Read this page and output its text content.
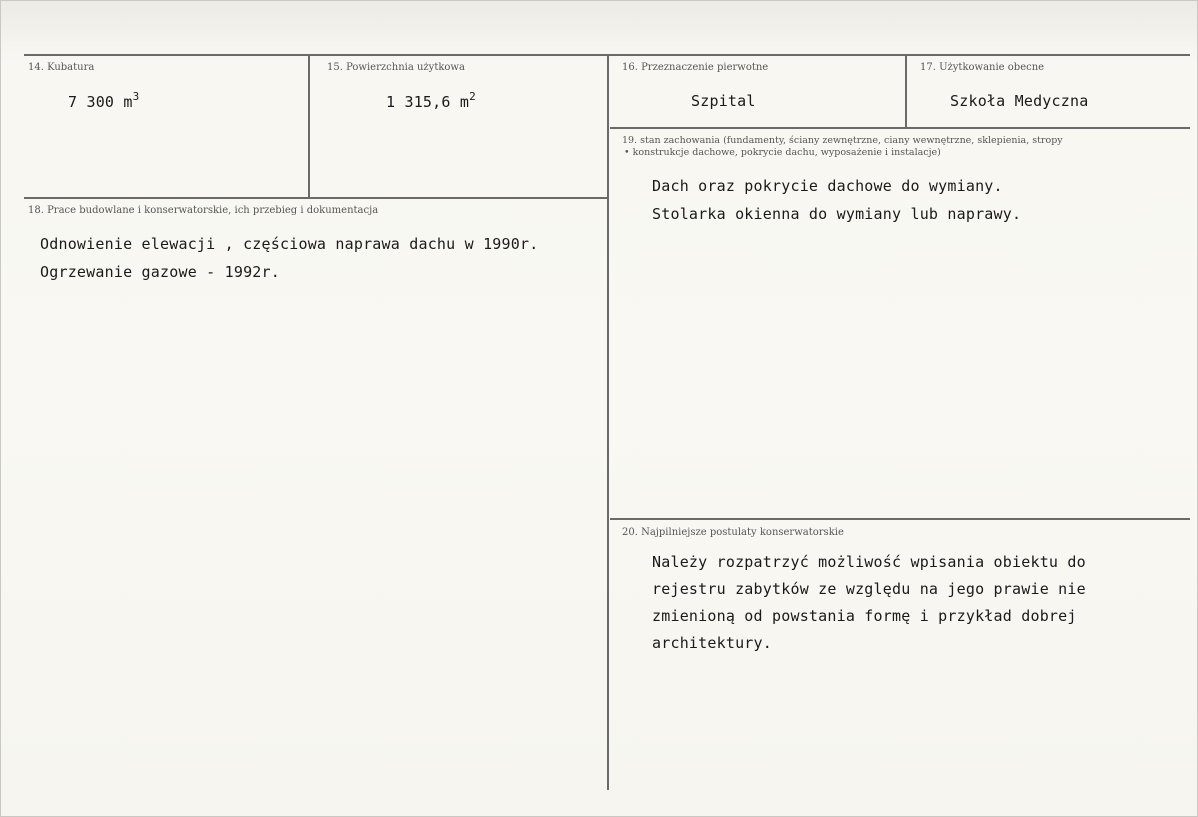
14. Kubatura
7 300 $m^3$
15. Powierzchnia użytkowa
1 315,6 $m^2$
16. Przeznaczenie pierwotne
Szpital
17. Użytkowanie obecne
Szkoła Medyczna
18. Prace budowlane i konserwatorskie, ich przebieg i dokumentacja
Odnowienie elewacji , częściowa naprawa dachu w 1990r.
Ogrzewanie gazowe - 1992r.
19. stan zachowania (fundamenty, ściany zewnętrzne, ciany wewnętrzne, sklepienia, stropy
• konstrukcje dachowe, pokrycie dachu, wyposażenie i instalacje)
Dach oraz pokrycie dachowe do wymiany.
Stolarka okienna do wymiany lub naprawy.
20. Najpilniejsze postulaty konserwatorskie
Należy rozpatrzyć możliwość wpisania obiektu do
rejestru zabytków ze względu na jego prawie nie
zmienioną od powstania formę i przykład dobrej
architektury.
